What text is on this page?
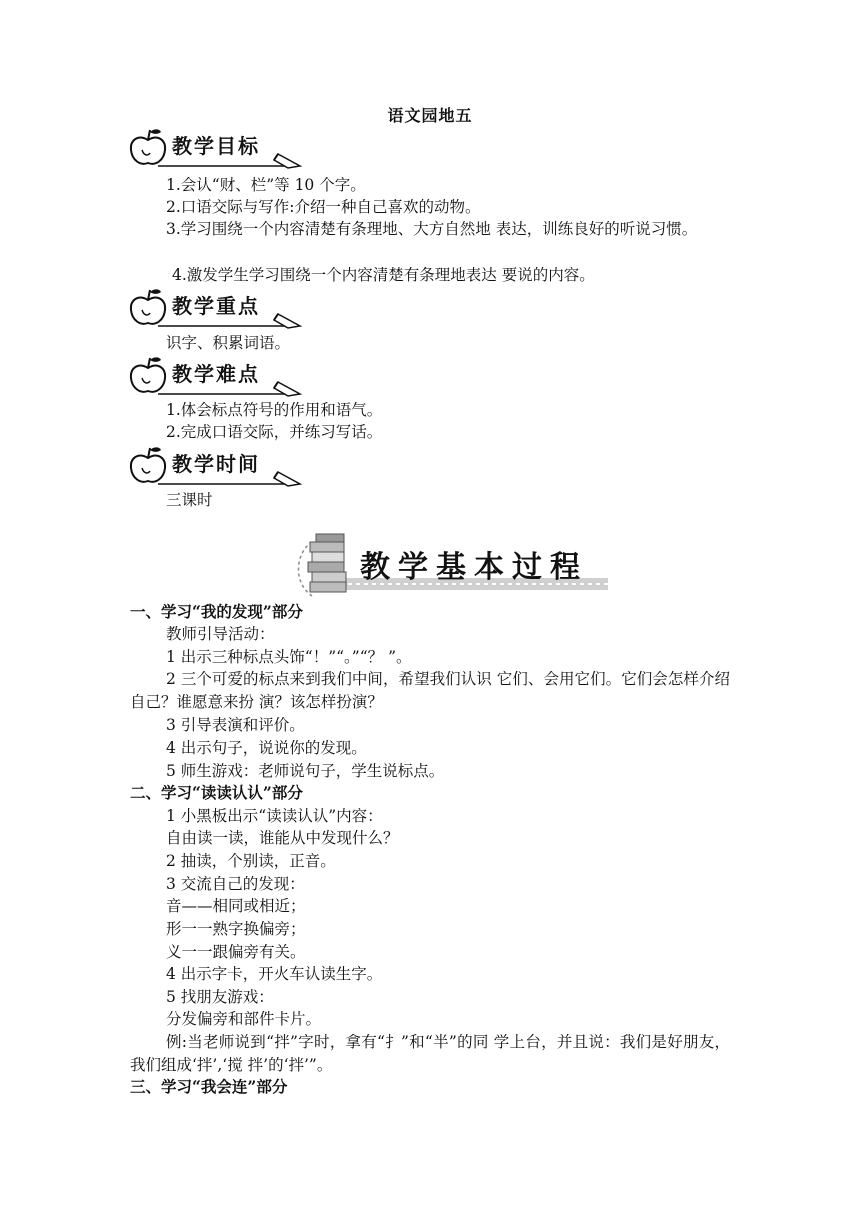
语文园地五
教学目标
1.会认“财、栏”等 10 个字。
2.口语交际与写作:介绍一种自己喜欢的动物。
3.学习围绕一个内容清楚有条理地、大方自然地 表达，训练良好的听说习惯。
4.激发学生学习围绕一个内容清楚有条理地表达 要说的内容。
教学重点
识字、积累词语。
教学难点
1.体会标点符号的作用和语气。
2.完成口语交际，并练习写话。
教学时间
三课时
教学基本过程
一、学习“我的发现”部分
教师引导活动：
1 出示三种标点头饰“！”“。”“？ ”。
2 三个可爱的标点来到我们中间，希望我们认识 它们、会用它们。它们会怎样介绍自己？谁愿意来扮 演？该怎样扮演？
3 引导表演和评价。
4 出示句子，说说你的发现。
5 师生游戏：老师说句子，学生说标点。
二、学习“读读认认”部分
1 小黑板出示“读读认认”内容：
自由读一读，谁能从中发现什么？
2 抽读，个别读，正音。
3 交流自己的发现：
音——相同或相近；
形一一熟字换偏旁；
义一一跟偏旁有关。
4 出示字卡，开火车认读生字。
5 找朋友游戏：
分发偏旁和部件卡片。
例:当老师说到“拌”字时，拿有“扌”和“半”的同 学上台，并且说：我们是好朋友，我们组成‘拌’,‘搅 拌’的‘拌’”。
三、学习“我会连”部分
